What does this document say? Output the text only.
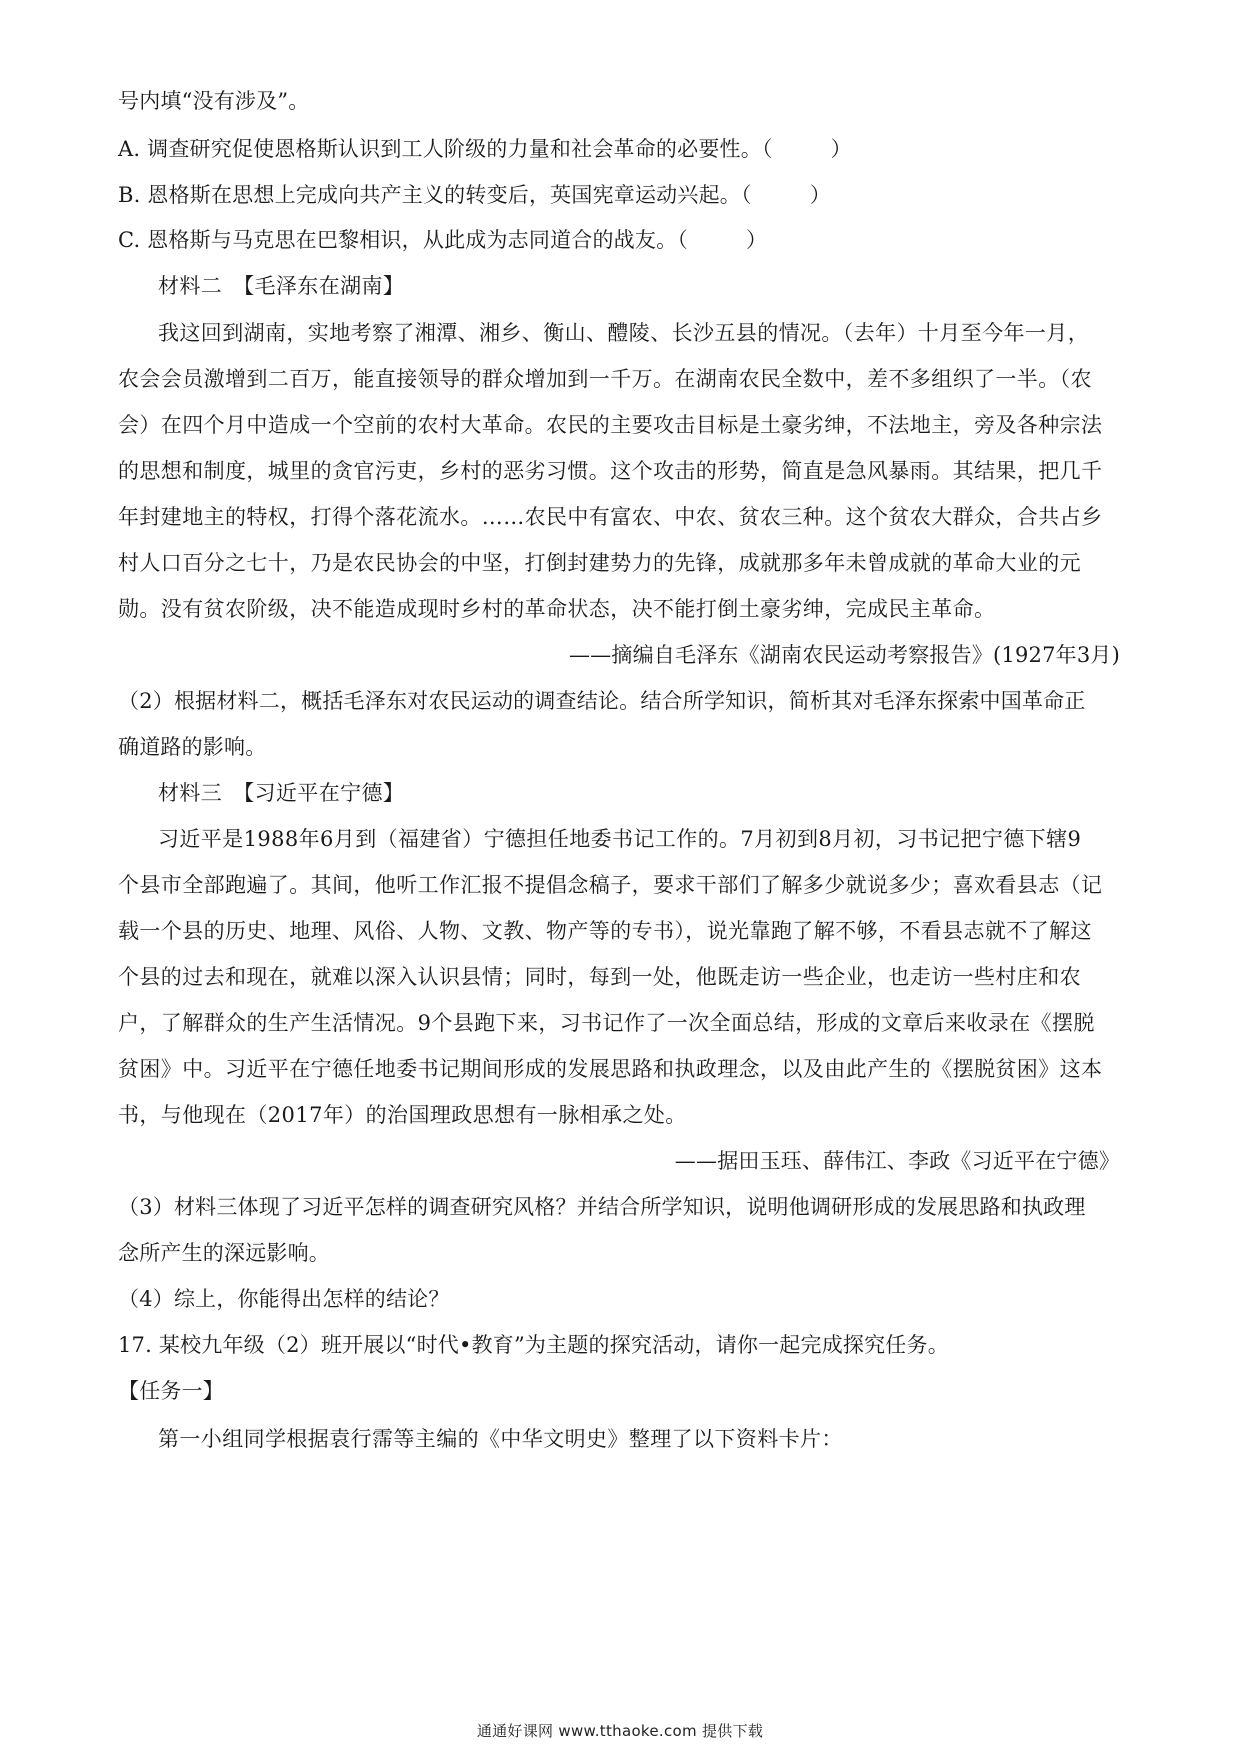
号内填“没有涉及”。
A. 调查研究促使恩格斯认识到工人阶级的力量和社会革命的必要性。（	）
B. 恩格斯在思想上完成向共产主义的转变后，英国宪章运动兴起。（	）
C. 恩格斯与马克思在巴黎相识，从此成为志同道合的战友。（	）
材料二　【毛泽东在湖南】
我这回到湖南，实地考察了湘潭、湘乡、衡山、醴陵、长沙五县的情况。（去年）十月至今年一月，
农会会员激增到二百万，能直接领导的群众增加到一千万。在湖南农民全数中，差不多组织了一半。（农
会）在四个月中造成一个空前的农村大革命。农民的主要攻击目标是土豪劣绅，不法地主，旁及各种宗法
的思想和制度，城里的贪官污吏，乡村的恶劣习惯。这个攻击的形势，简直是急风暴雨。其结果，把几千
年封建地主的特权，打得个落花流水。……农民中有富农、中农、贫农三种。这个贫农大群众，合共占乡
村人口百分之七十，乃是农民协会的中坚，打倒封建势力的先锋，成就那多年未曾成就的革命大业的元
勋。没有贫农阶级，决不能造成现时乡村的革命状态，决不能打倒土豪劣绅，完成民主革命。
——摘编自毛泽东《湖南农民运动考察报告》(1927年3月)
（2）根据材料二，概括毛泽东对农民运动的调查结论。结合所学知识，简析其对毛泽东探索中国革命正
确道路的影响。
材料三　【习近平在宁德】
习近平是1988年6月到（福建省）宁德担任地委书记工作的。7月初到8月初，习书记把宁德下辖9
个县市全部跑遍了。其间，他听工作汇报不提倡念稿子，要求干部们了解多少就说多少；喜欢看县志（记
载一个县的历史、地理、风俗、人物、文教、物产等的专书），说光靠跑了解不够，不看县志就不了解这
个县的过去和现在，就难以深入认识县情；同时，每到一处，他既走访一些企业，也走访一些村庄和农
户，了解群众的生产生活情况。9个县跑下来，习书记作了一次全面总结，形成的文章后来收录在《摆脱
贫困》中。习近平在宁德任地委书记期间形成的发展思路和执政理念，以及由此产生的《摆脱贫困》这本
书，与他现在（2017年）的治国理政思想有一脉相承之处。
——据田玉珏、薛伟江、李政《习近平在宁德》
（3）材料三体现了习近平怎样的调查研究风格？并结合所学知识，说明他调研形成的发展思路和执政理
念所产生的深远影响。
（4）综上，你能得出怎样的结论？
17. 某校九年级（2）班开展以“时代•教育”为主题的探究活动，请你一起完成探究任务。
【任务一】
第一小组同学根据袁行霈等主编的《中华文明史》整理了以下资料卡片：
通通好课网 www.tthaoke.com 提供下载
